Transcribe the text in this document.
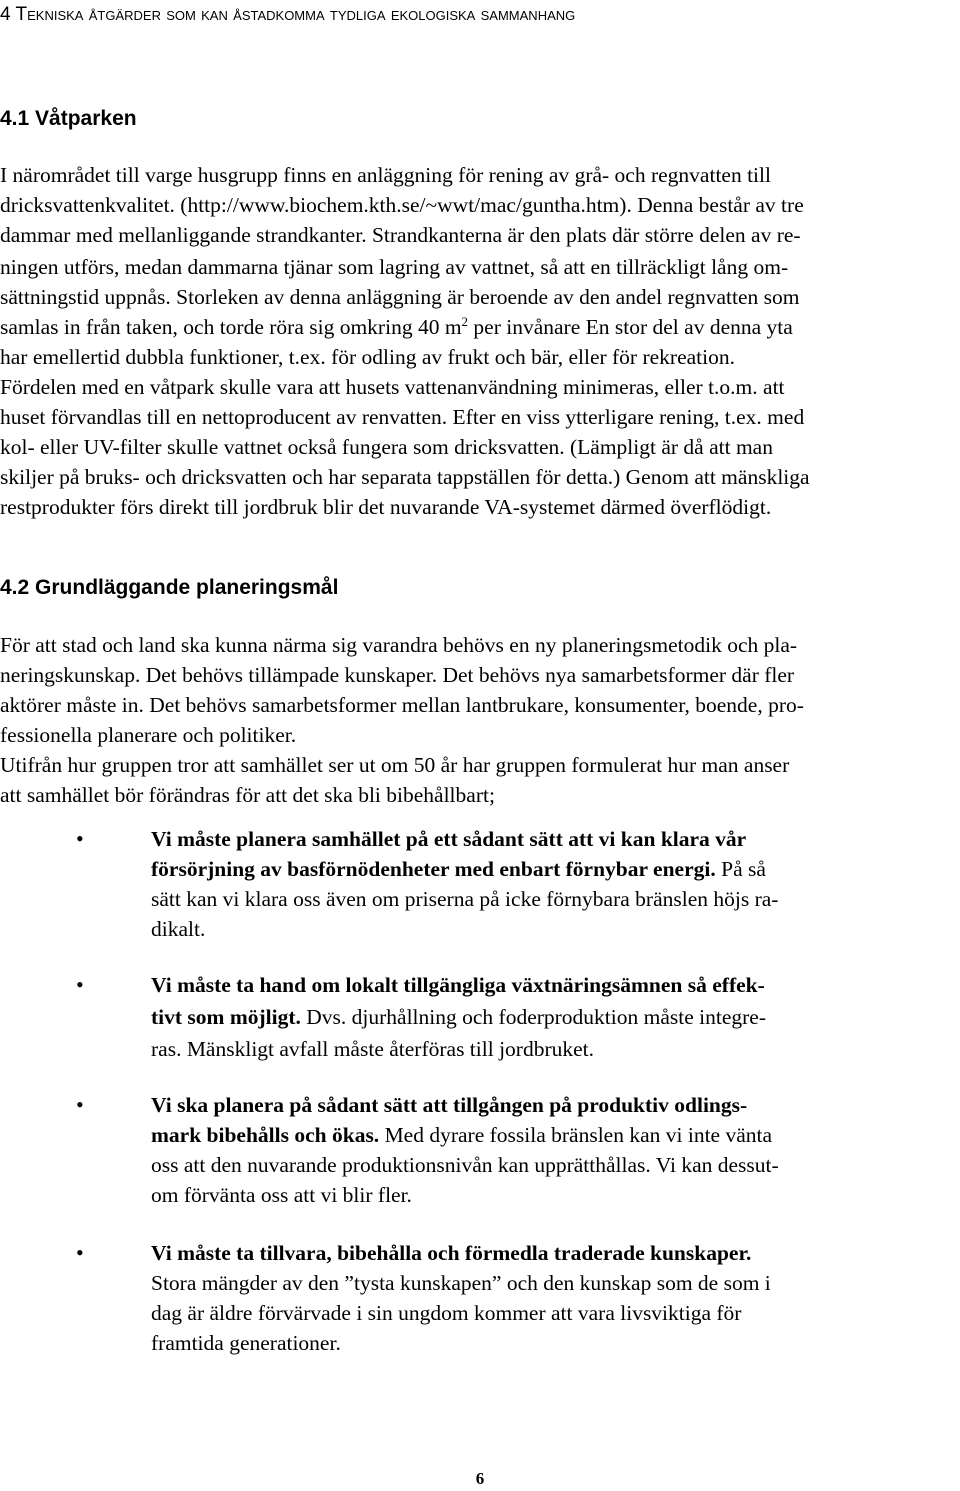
4 Tekniska åtgärder som kan åstadkomma tydliga ekologiska sammanhang
4.1 Våtparken
I närområdet till varge husgrupp finns en anläggning för rening av grå- och regnvatten till
dricksvattenkvalitet. (http://www.biochem.kth.se/~wwt/mac/guntha.htm). Denna består av tre
dammar med mellanliggande strandkanter. Strandkanterna är den plats där större delen av re-
ningen utförs, medan dammarna tjänar som lagring av vattnet, så att en tillräckligt lång om-
sättningstid uppnås. Storleken av denna anläggning är beroende av den andel regnvatten som
samlas in från taken, och torde röra sig omkring 40 $m^2$ per invånare En stor del av denna yta
har emellertid dubbla funktioner, t.ex. för odling av frukt och bär, eller för rekreation.
Fördelen med en våtpark skulle vara att husets vattenanvändning minimeras, eller t.o.m. att
huset förvandlas till en nettoproducent av renvatten. Efter en viss ytterligare rening, t.ex. med
kol- eller UV-filter skulle vattnet också fungera som dricksvatten. (Lämpligt är då att man
skiljer på bruks- och dricksvatten och har separata tappställen för detta.) Genom att mänskliga
restprodukter förs direkt till jordbruk blir det nuvarande VA-systemet därmed överflödigt.
4.2 Grundläggande planeringsmål
För att stad och land ska kunna närma sig varandra behövs en ny planeringsmetodik och pla-
neringskunskap. Det behövs tillämpade kunskaper. Det behövs nya samarbetsformer där fler
aktörer måste in. Det behövs samarbetsformer mellan lantbrukare, konsumenter, boende, pro-
fessionella planerare och politiker.
Utifrån hur gruppen tror att samhället ser ut om 50 år har gruppen formulerat hur man anser
att samhället bör förändras för att det ska bli bibehållbart;
•	Vi måste planera samhället på ett sådant sätt att vi kan klara vår
försörjning av basförnödenheter med enbart förnybar energi. På så
sätt kan vi klara oss även om priserna på icke förnybara bränslen höjs ra-
dikalt.
•	Vi måste ta hand om lokalt tillgängliga växtnäringsämnen så effek-
tivt som möjligt. Dvs. djurhållning och foderproduktion måste integre-
ras. Mänskligt avfall måste återföras till jordbruket.
•	Vi ska planera på sådant sätt att tillgången på produktiv odlings-
mark bibehålls och ökas. Med dyrare fossila bränslen kan vi inte vänta
oss att den nuvarande produktionsnivån kan upprätthållas. Vi kan dessut-
om förvänta oss att vi blir fler.
•	Vi måste ta tillvara, bibehålla och förmedla traderade kunskaper.
Stora mängder av den ”tysta kunskapen” och den kunskap som de som i
dag är äldre förvärvade i sin ungdom kommer att vara livsviktiga för
framtida generationer.
6
